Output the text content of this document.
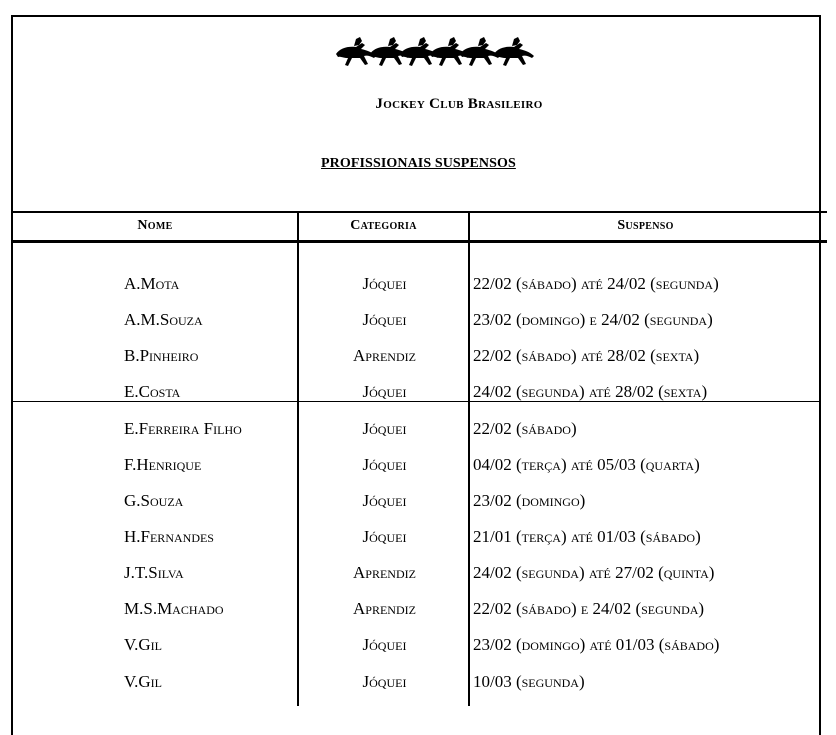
Jockey Club Brasileiro
PROFISSIONAIS SUSPENSOS
Nome	Categoria	Suspenso
A.Mota	Jóquei	22/02 (sábado) até 24/02 (segunda)
A.M.Souza	Jóquei	23/02 (domingo) e 24/02 (segunda)
B.Pinheiro	Aprendiz	22/02 (sábado) até 28/02 (sexta)
E.Costa	Jóquei	24/02 (segunda) até 28/02 (sexta)
E.Ferreira Filho	Jóquei	22/02 (sábado)
F.Henrique	Jóquei	04/02 (terça) até 05/03 (quarta)
G.Souza	Jóquei	23/02 (domingo)
H.Fernandes	Jóquei	21/01 (terça) até 01/03 (sábado)
J.T.Silva	Aprendiz	24/02 (segunda) até 27/02 (quinta)
M.S.Machado	Aprendiz	22/02 (sábado) e 24/02 (segunda)
V.Gil	Jóquei	23/02 (domingo) até 01/03 (sábado)
V.Gil	Jóquei	10/03 (segunda)
